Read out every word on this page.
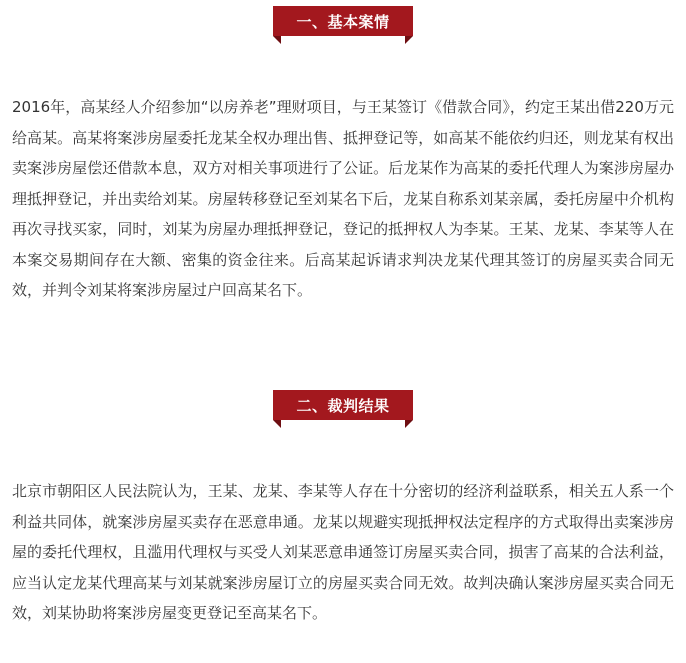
一、基本案情

2016年，高某经人介绍参加“以房养老”理财项目，与王某签订《借款合同》，约定王某出借220万元给高某。高某将案涉房屋委托龙某全权办理出售、抵押登记等，如高某不能依约归还，则龙某有权出卖案涉房屋偿还借款本息，双方对相关事项进行了公证。后龙某作为高某的委托代理人为案涉房屋办理抵押登记，并出卖给刘某。房屋转移登记至刘某名下后，龙某自称系刘某亲属，委托房屋中介机构再次寻找买家，同时，刘某为房屋办理抵押登记，登记的抵押权人为李某。王某、龙某、李某等人在本案交易期间存在大额、密集的资金往来。后高某起诉请求判决龙某代理其签订的房屋买卖合同无效，并判令刘某将案涉房屋过户回高某名下。

二、裁判结果

北京市朝阳区人民法院认为，王某、龙某、李某等人存在十分密切的经济利益联系，相关五人系一个利益共同体，就案涉房屋买卖存在恶意串通。龙某以规避实现抵押权法定程序的方式取得出卖案涉房屋的委托代理权，且滥用代理权与买受人刘某恶意串通签订房屋买卖合同，损害了高某的合法利益，应当认定龙某代理高某与刘某就案涉房屋订立的房屋买卖合同无效。故判决确认案涉房屋买卖合同无效，刘某协助将案涉房屋变更登记至高某名下。
